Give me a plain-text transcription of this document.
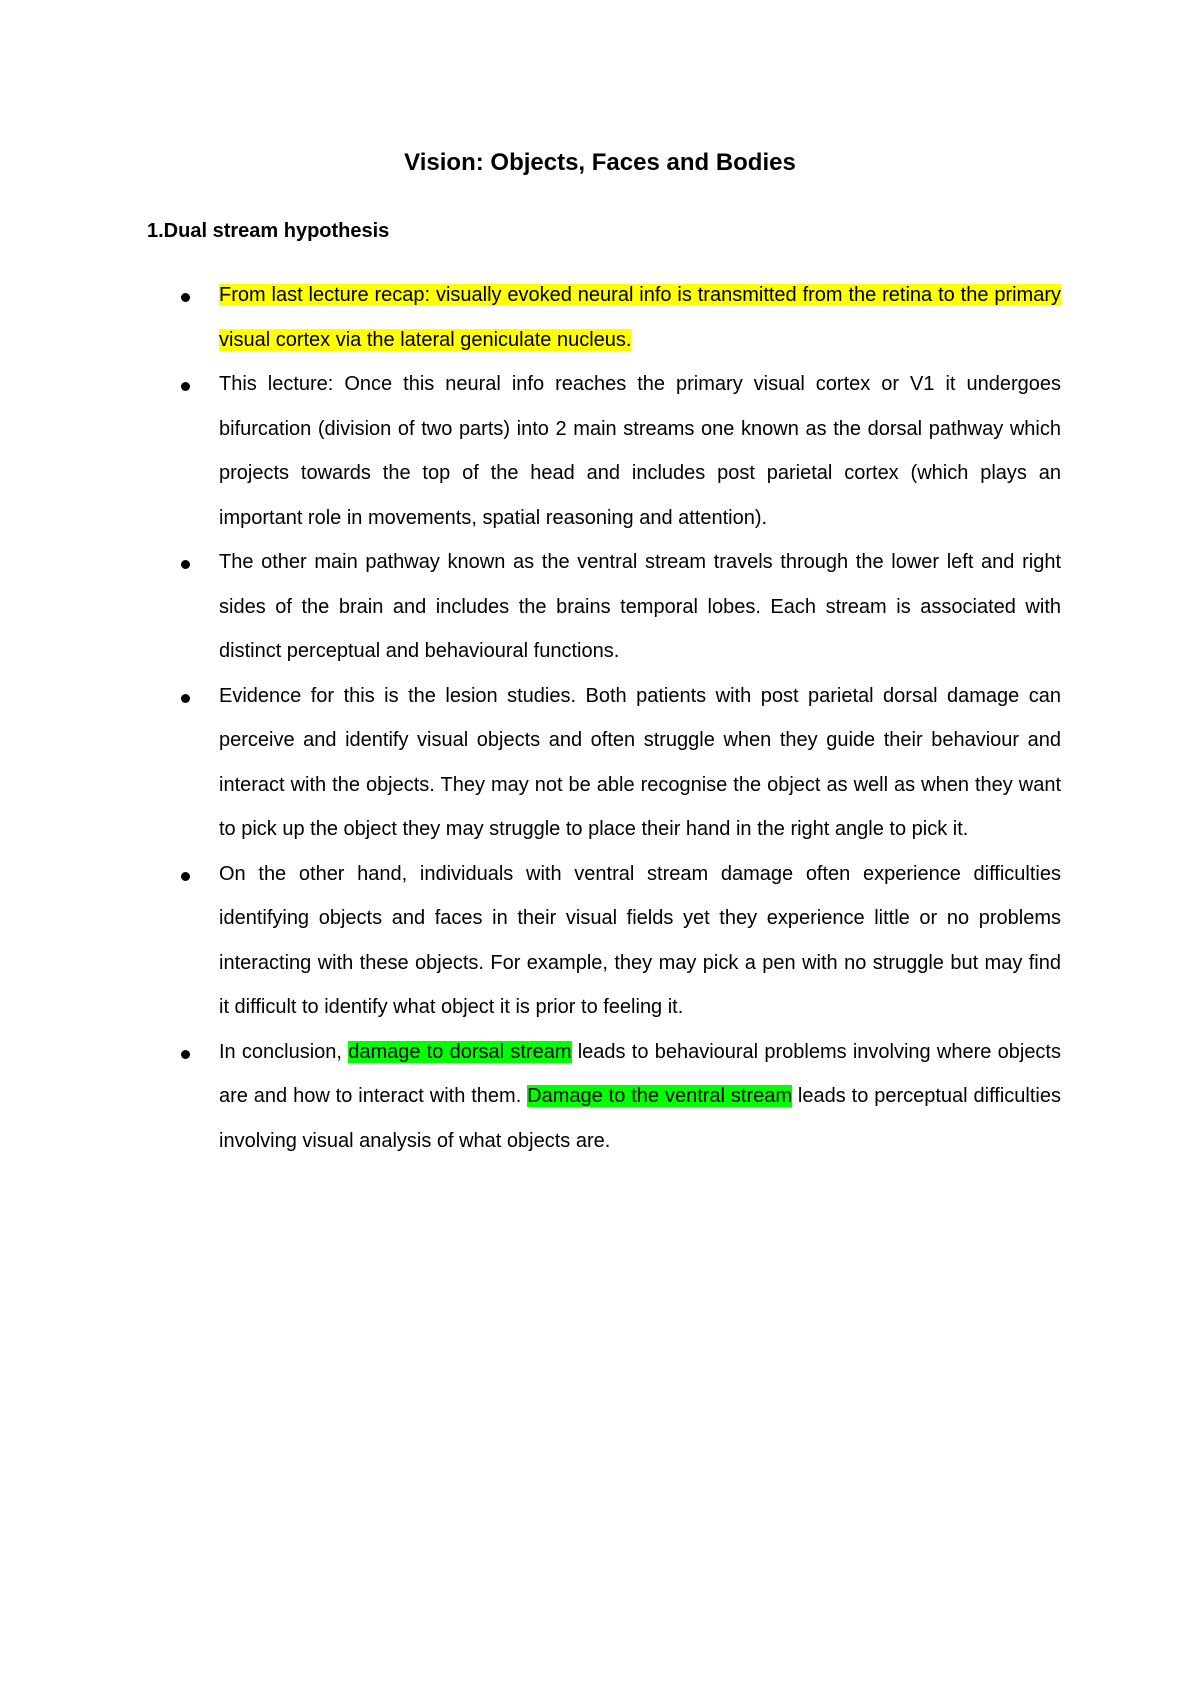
Vision: Objects, Faces and Bodies
1.Dual stream hypothesis
From last lecture recap: visually evoked neural info is transmitted from the retina to the primary visual cortex via the lateral geniculate nucleus.
This lecture: Once this neural info reaches the primary visual cortex or V1 it undergoes bifurcation (division of two parts) into 2 main streams one known as the dorsal pathway which projects towards the top of the head and includes post parietal cortex (which plays an important role in movements, spatial reasoning and attention).
The other main pathway known as the ventral stream travels through the lower left and right sides of the brain and includes the brains temporal lobes. Each stream is associated with distinct perceptual and behavioural functions.
Evidence for this is the lesion studies. Both patients with post parietal dorsal damage can perceive and identify visual objects and often struggle when they guide their behaviour and interact with the objects. They may not be able recognise the object as well as when they want to pick up the object they may struggle to place their hand in the right angle to pick it.
On the other hand, individuals with ventral stream damage often experience difficulties identifying objects and faces in their visual fields yet they experience little or no problems interacting with these objects. For example, they may pick a pen with no struggle but may find it difficult to identify what object it is prior to feeling it.
In conclusion, damage to dorsal stream leads to behavioural problems involving where objects are and how to interact with them. Damage to the ventral stream leads to perceptual difficulties involving visual analysis of what objects are.
